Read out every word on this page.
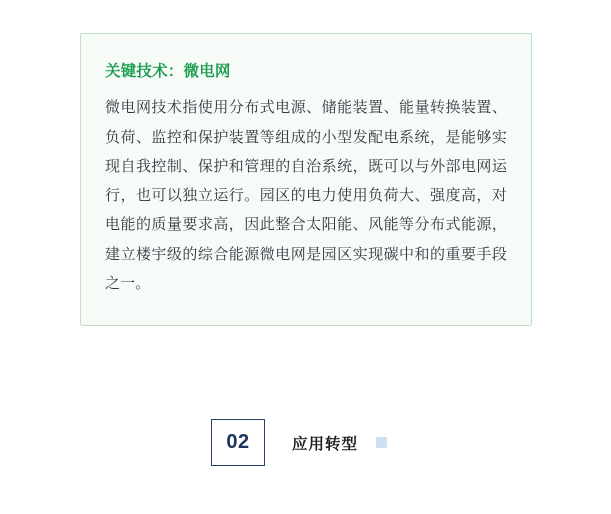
关键技术：微电网
微电网技术指使用分布式电源、储能装置、能量转换装置、负荷、监控和保护装置等组成的小型发配电系统，是能够实现自我控制、保护和管理的自治系统，既可以与外部电网运行，也可以独立运行。园区的电力使用负荷大、强度高，对电能的质量要求高，因此整合太阳能、风能等分布式能源，建立楼宇级的综合能源微电网是园区实现碳中和的重要手段之一。
02	应用转型
